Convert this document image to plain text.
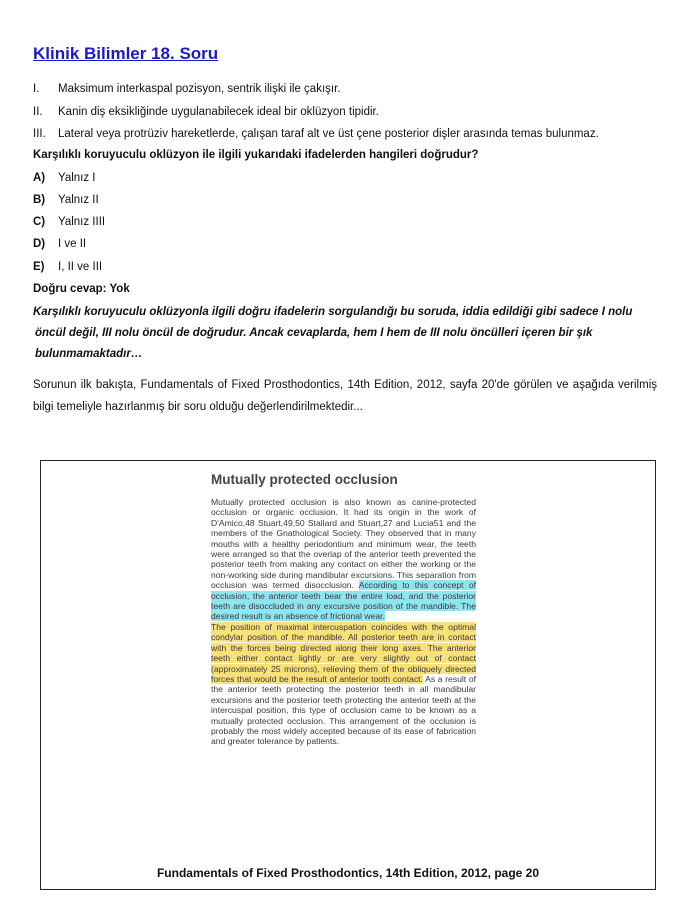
Klinik Bilimler 18. Soru
I. Maksimum interkaspal pozisyon, sentrik ilişki ile çakışır.
II. Kanin diş eksikliğinde uygulanabilecek ideal bir oklüzyon tipidir.
III. Lateral veya protrüziv hareketlerde, çalışan taraf alt ve üst çene posterior dişler arasında temas bulunmaz.
Karşılıklı koruyuculu oklüzyon ile ilgili yukarıdaki ifadelerden hangileri doğrudur?
A) Yalnız I
B) Yalnız II
C) Yalnız IIII
D) I ve II
E) I, II ve III
Doğru cevap: Yok
Karşılıklı koruyuculu oklüzyonla ilgili doğru ifadelerin sorgulandığı bu soruda, iddia edildiği gibi sadece I nolu
öncül değil, III nolu öncül de doğrudur. Ancak cevaplarda, hem I hem de III nolu öncülleri içeren bir şık
bulunmamaktadır…
Sorunun ilk bakışta, Fundamentals of Fixed Prosthodontics, 14th Edition, 2012, sayfa 20'de görülen ve aşağıda verilmiş bilgi temeliyle hazırlanmış bir soru olduğu değerlendirilmektedir...
Mutually protected occlusion
Mutually protected occlusion is also known as canine-protected occlusion or organic occlusion. It had its origin in the work of D'Amico,48 Stuart,49,50 Stallard and Stuart,27 and Lucia51 and the members of the Gnathological Society. They observed that in many mouths with a healthy periodontium and minimum wear, the teeth were arranged so that the overlap of the anterior teeth prevented the posterior teeth from making any contact on either the working or the non-working side during mandibular excursions. This separation from occlusion was termed disocclusion. According to this concept of occlusion, the anterior teeth bear the entire load, and the posterior teeth are disoccluded in any excursive position of the mandible. The desired result is an absence of frictional wear.
The position of maximal intercuspation coincides with the optimal condylar position of the mandible. All posterior teeth are in contact with the forces being directed along their long axes. The anterior teeth either contact lightly or are very slightly out of contact (approximately 25 microns), relieving them of the obliquely directed forces that would be the result of anterior tooth contact. As a result of the anterior teeth protecting the posterior teeth in all mandibular excursions and the posterior teeth protecting the anterior teeth at the intercuspal position, this type of occlusion came to be known as a mutually protected occlusion. This arrangement of the occlusion is probably the most widely accepted because of its ease of fabrication and greater tolerance by patients.
Fundamentals of Fixed Prosthodontics, 14th Edition, 2012, page 20
